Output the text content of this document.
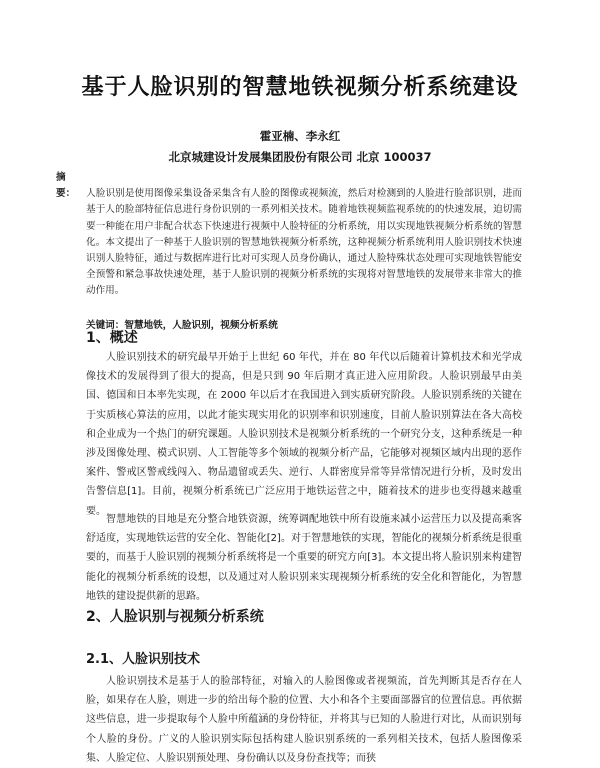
基于人脸识别的智慧地铁视频分析系统建设
霍亚楠、李永红
北京城建设计发展集团股份有限公司 北京 100037
摘 要： 人脸识别是使用图像采集设备采集含有人脸的图像或视频流，然后对检测到的人脸进行脸部识别，进而基于人的脸部特征信息进行身份识别的一系列相关技术。随着地铁视频监视系统的的快速发展，迫切需要一种能在用户非配合状态下快速进行视频中人脸特征的分析系统，用以实现地铁视频分析系统的智慧化。本文提出了一种基于人脸识别的智慧地铁视频分析系统，这种视频分析系统利用人脸识别技术快速识别人脸特征，通过与数据库进行比对可实现人员身份确认，通过人脸特殊状态处理可实现地铁智能安全预警和紧急事故快速处理，基于人脸识别的视频分析系统的实现将对智慧地铁的发展带来非常大的推动作用。
关键词：智慧地铁，人脸识别，视频分析系统
1、概述
人脸识别技术的研究最早开始于上世纪 60 年代，并在 80 年代以后随着计算机技术和光学成像技术的发展得到了很大的提高，但是只到 90 年后期才真正进入应用阶段。人脸识别最早由美国、德国和日本率先实现，在 2000 年以后才在我国进入到实质研究阶段。人脸识别系统的关键在于实质核心算法的应用，以此才能实现实用化的识别率和识别速度，目前人脸识别算法在各大高校和企业成为一个热门的研究课题。人脸识别技术是视频分析系统的一个研究分支，这种系统是一种涉及图像处理、模式识别、人工智能等多个领域的视频分析产品，它能够对视频区域内出现的恶作案件、警戒区警戒线闯入、物品遗留或丢失、逆行、人群密度异常等异常情况进行分析，及时发出告警信息[1]。目前，视频分析系统已广泛应用于地铁运营之中，随着技术的进步也变得越来越重要。
智慧地铁的目地是充分整合地铁资源，统筹调配地铁中所有设施来减小运营压力以及提高乘客舒适度，实现地铁运营的安全化、智能化[2]。对于智慧地铁的实现，智能化的视频分析系统是很重要的，而基于人脸识别的视频分析系统将是一个重要的研究方向[3]。本文提出将人脸识别来构建智能化的视频分析系统的设想，以及通过对人脸识别来实现视频分析系统的安全化和智能化，为智慧地铁的建设提供新的思路。
2、人脸识别与视频分析系统
2.1、人脸识别技术
人脸识别技术是基于人的脸部特征，对输入的人脸图像或者视频流，首先判断其是否存在人脸，如果存在人脸，则进一步的给出每个脸的位置、大小和各个主要面部器官的位置信息。再依据这些信息，进一步提取每个人脸中所蕴涵的身份特征，并将其与已知的人脸进行对比，从而识别每个人脸的身份。广义的人脸识别实际包括构建人脸识别系统的一系列相关技术，包括人脸图像采集、人脸定位、人脸识别预处理、身份确认以及身份查找等；而狭
